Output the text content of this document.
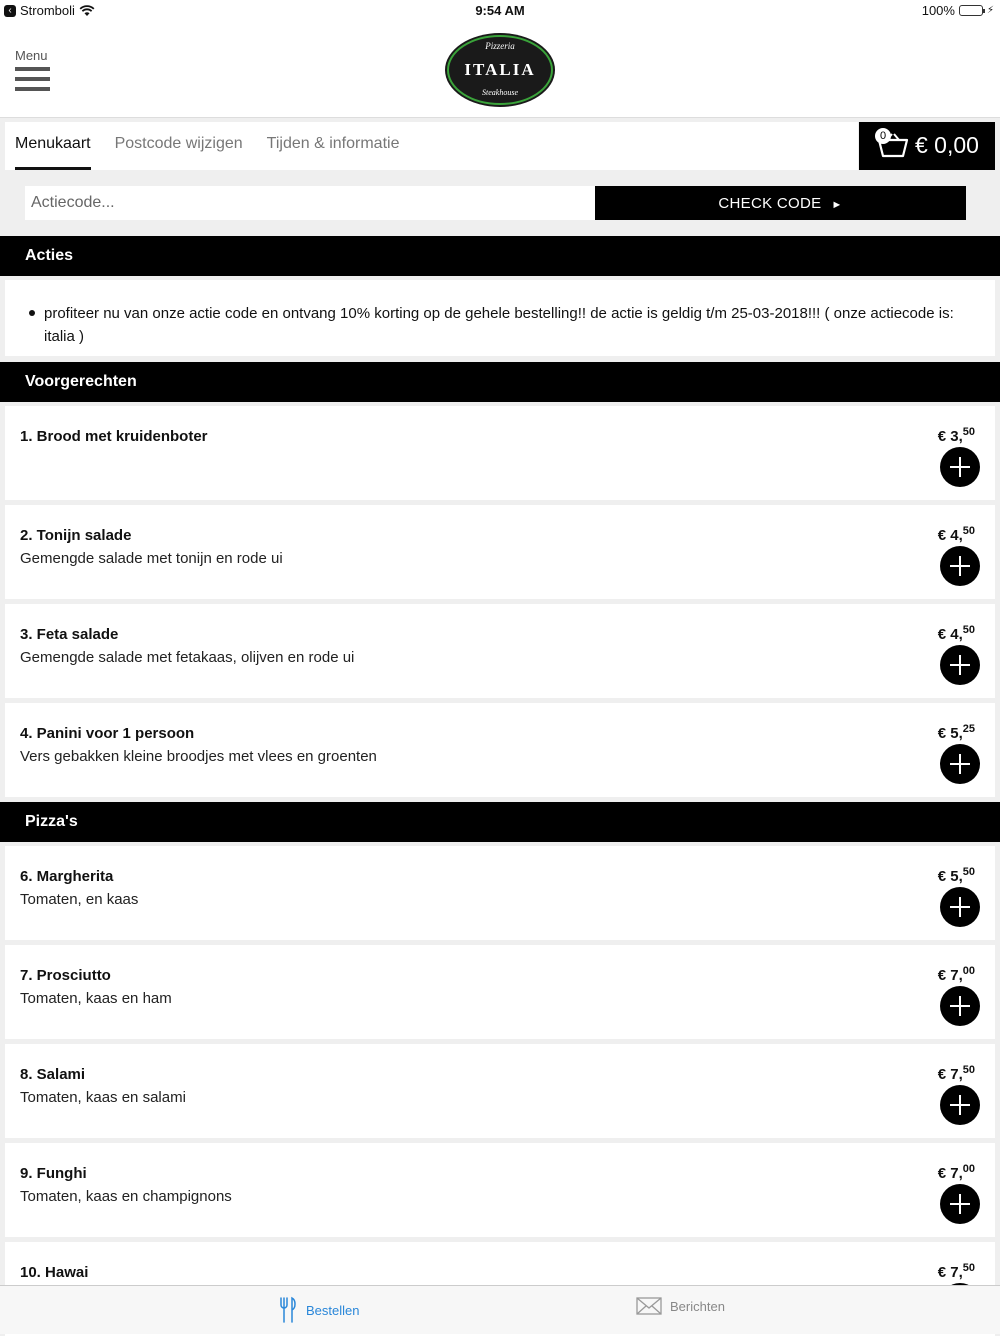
‹ Stromboli	9:54 AM	100%	⚡
Menu
Pizzeria
ITALIA
Steakhouse
Menukaart	Postcode wijzigen	Tijden & informatie	0 € 0,00
Actiecode...
CHECK CODE ►
Acties
profiteer nu van onze actie code en ontvang 10% korting op de gehele bestelling!! de actie is geldig t/m 25-03-2018!!! ( onze actiecode is: italia )
Voorgerechten
1. Brood met kruidenboter	€ 3,50
2. Tonijn salade
Gemengde salade met tonijn en rode ui
€ 4,50
3. Feta salade
Gemengde salade met fetakaas, olijven en rode ui
€ 4,50
4. Panini voor 1 persoon
Vers gebakken kleine broodjes met vlees en groenten
€ 5,25
Pizza's
6. Margherita
Tomaten, en kaas
€ 5,50
7. Prosciutto
Tomaten, kaas en ham
€ 7,00
8. Salami
Tomaten, kaas en salami
€ 7,50
9. Funghi
Tomaten, kaas en champignons
€ 7,00
10. Hawai	€ 7,50
Bestellen	Berichten
